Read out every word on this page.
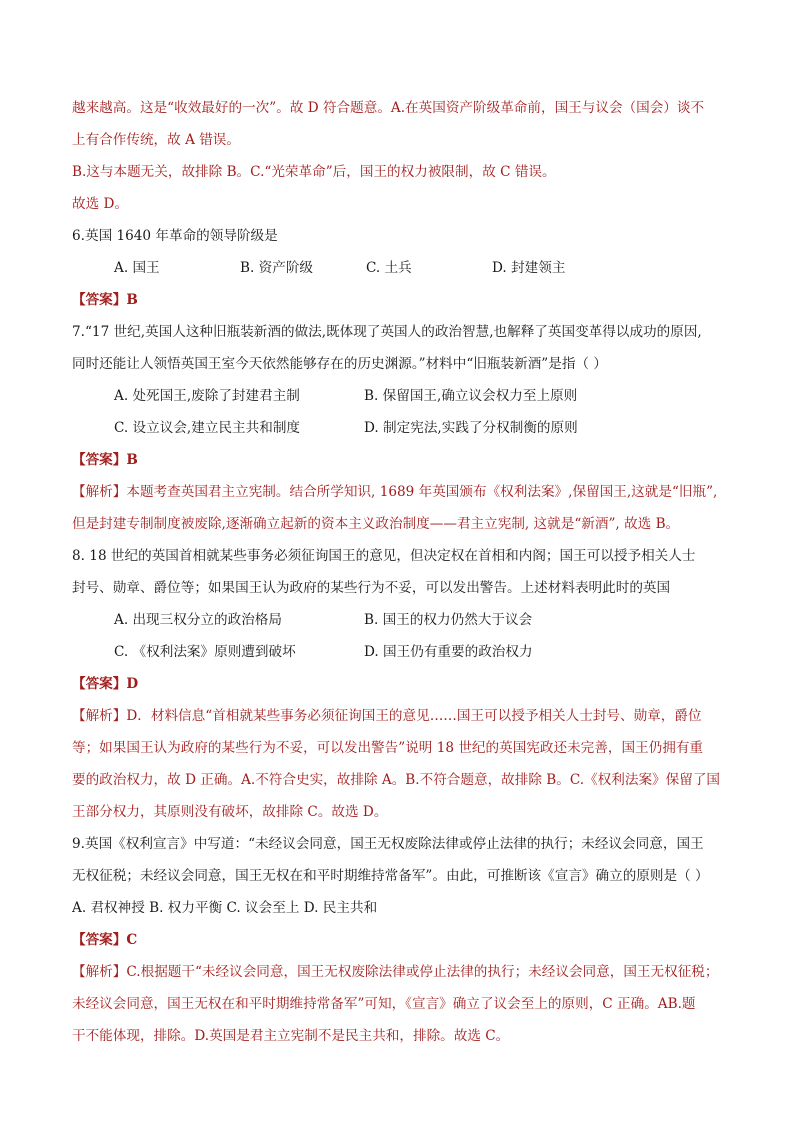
越来越高。这是“收效最好的一次”。故 D 符合题意。A.在英国资产阶级革命前，国王与议会（国会）谈不
上有合作传统，故 A 错误。
B.这与本题无关，故排除 B。C.“光荣革命”后，国王的权力被限制，故 C 错误。
故选 D。
6.英国 1640 年革命的领导阶级是
A. 国王	B. 资产阶级	C. 土兵	D. 封建领主
【答案】B
7.“17 世纪,英国人这种旧瓶装新酒的做法,既体现了英国人的政治智慧,也解释了英国变革得以成功的原因,
同时还能让人领悟英国王室今天依然能够存在的历史渊源。”材料中“旧瓶装新酒”是指（ ）
A. 处死国王,废除了封建君主制	B. 保留国王,确立议会权力至上原则
C. 设立议会,建立民主共和制度	D. 制定宪法,实践了分权制衡的原则
【答案】B
【解析】本题考查英国君主立宪制。结合所学知识, 1689 年英国颁布《权利法案》,保留国王,这就是“旧瓶”,
但是封建专制制度被废除,逐渐确立起新的资本主义政治制度——君主立宪制, 这就是“新酒”, 故选 B。
8. 18 世纪的英国首相就某些事务必须征询国王的意见，但决定权在首相和内阁；国王可以授予相关人士
封号、勋章、爵位等；如果国王认为政府的某些行为不妥，可以发出警告。上述材料表明此时的英国
A. 出现三权分立的政治格局	B. 国王的权力仍然大于议会
C. 《权利法案》原则遭到破坏	D. 国王仍有重要的政治权力
【答案】D
【解析】D．材料信息“首相就某些事务必须征询国王的意见……国王可以授予相关人士封号、勋章，爵位
等；如果国王认为政府的某些行为不妥，可以发出警告”说明 18 世纪的英国宪政还未完善，国王仍拥有重
要的政治权力，故 D 正确。A.不符合史实，故排除 A。B.不符合题意，故排除 B。C.《权利法案》保留了国
王部分权力，其原则没有破坏，故排除 C。故选 D。
9.英国《权利宣言》中写道：“未经议会同意，国王无权废除法律或停止法律的执行；未经议会同意，国王
无权征税；未经议会同意，国王无权在和平时期维持常备军”。由此，可推断该《宣言》确立的原则是（ ）
A. 君权神授 B. 权力平衡 C. 议会至上 D. 民主共和
【答案】C
【解析】C.根据题干“未经议会同意，国王无权废除法律或停止法律的执行；未经议会同意，国王无权征税；
未经议会同意，国王无权在和平时期维持常备军”可知，《宣言》确立了议会至上的原则，C 正确。AB.题
干不能体现，排除。D.英国是君主立宪制不是民主共和，排除。故选 C。
